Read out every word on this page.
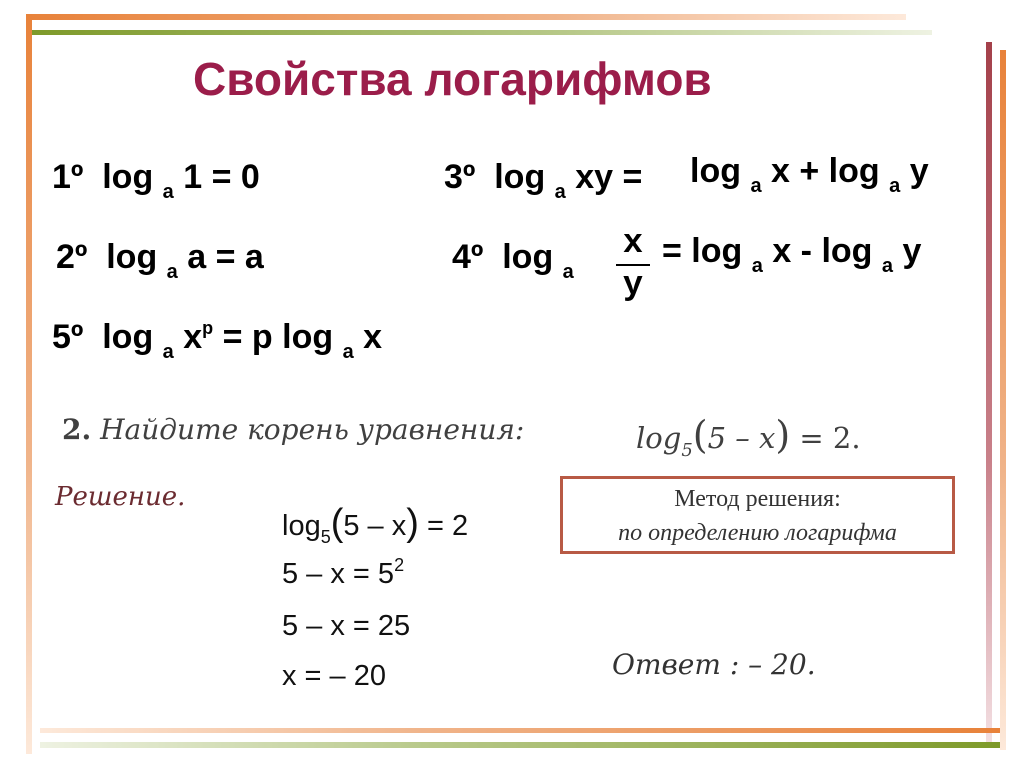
Свойства логарифмов
1º log $_a$ 1 = 0
2º log $_a$ a = a
3º log $_a$ xy = log $_a$ x + log $_a$ y
4º log $_a$
x
y
= log $_a$ x - log $_a$ y
5º log $_a$ $x^p = p$ log $_a$ x
2. Найдите корень уравнения:	$\log_5(5 - x) = 2$.
Решение.
$\log_5(5 - x) = 2$
$5 - x = 5^2$
5 – x = 25
x = – 20
Метод решения:
по определению логарифма
Ответ : – 20.
